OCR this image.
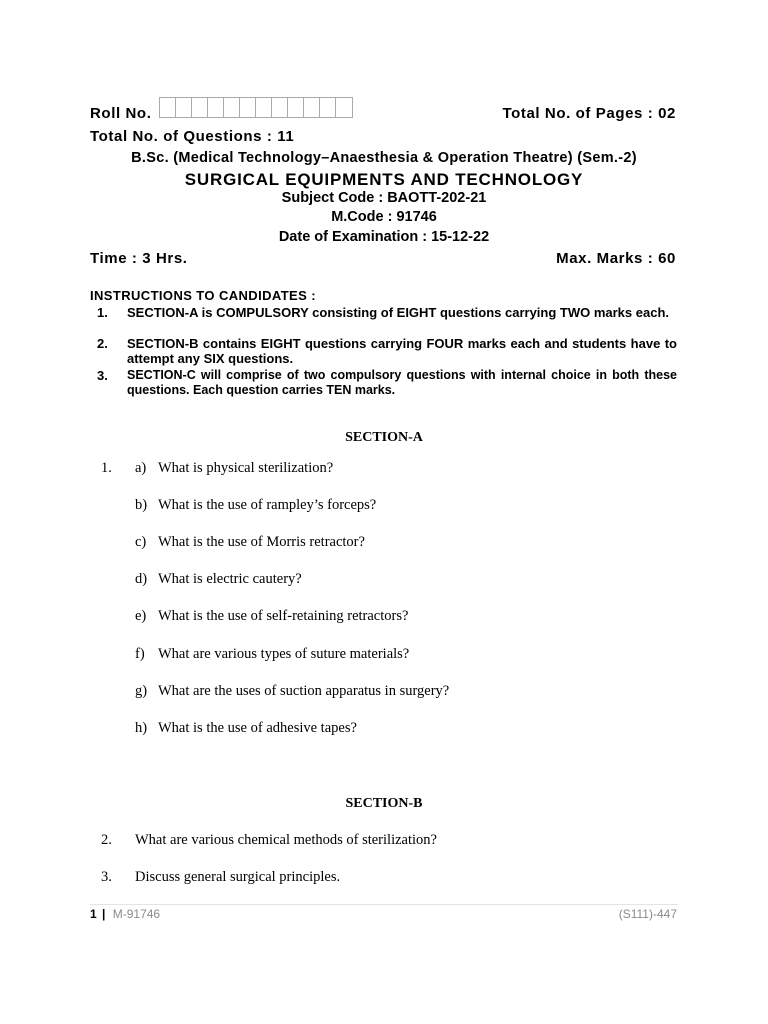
Roll No.	Total No. of Pages : 02
Total No. of Questions : 11
B.Sc. (Medical Technology–Anaesthesia & Operation Theatre) (Sem.-2)
SURGICAL EQUIPMENTS AND TECHNOLOGY
Subject Code : BAOTT-202-21
M.Code : 91746
Date of Examination : 15-12-22
Time : 3 Hrs.	Max. Marks : 60
INSTRUCTIONS TO CANDIDATES :
1. SECTION-A is COMPULSORY consisting of EIGHT questions carrying TWO marks each.
2. SECTION-B contains EIGHT questions carrying FOUR marks each and students have to attempt any SIX questions.
3. SECTION-C will comprise of two compulsory questions with internal choice in both these questions. Each question carries TEN marks.
SECTION-A
1. a) What is physical sterilization?
b) What is the use of rampley’s forceps?
c) What is the use of Morris retractor?
d) What is electric cautery?
e) What is the use of self-retaining retractors?
f) What are various types of suture materials?
g) What are the uses of suction apparatus in surgery?
h) What is the use of adhesive tapes?
SECTION-B
2. What are various chemical methods of sterilization?
3. Discuss general surgical principles.
1 | M-91746	(S111)-447
